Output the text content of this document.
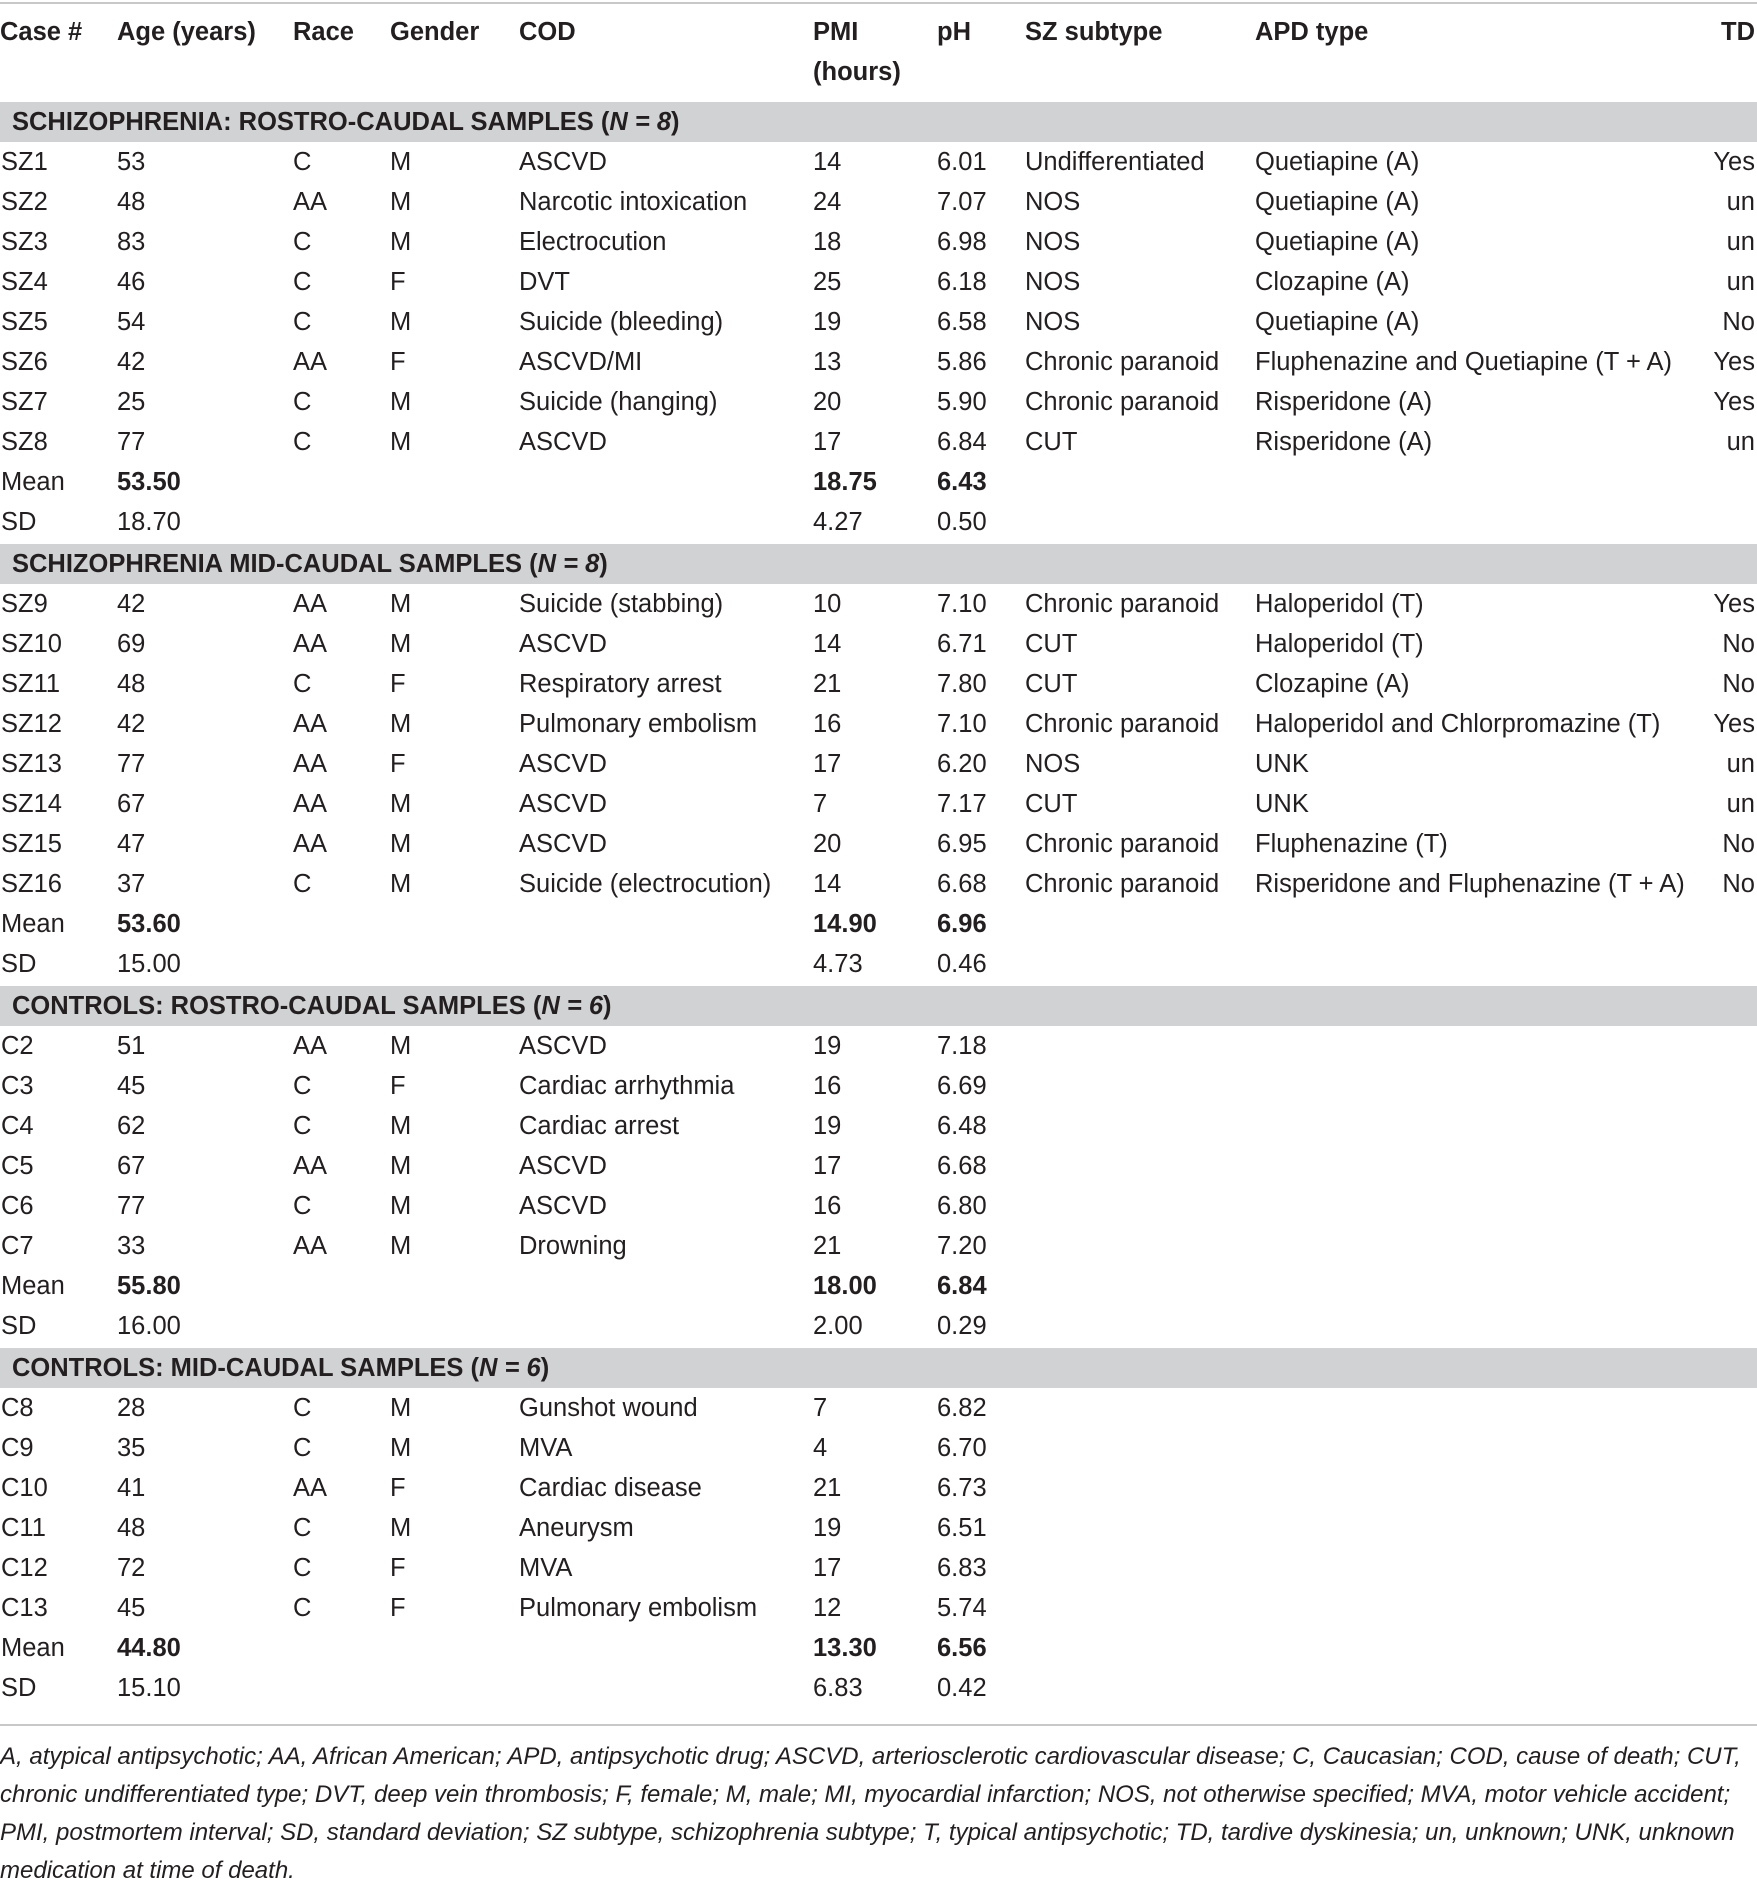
Case #	Age (years)	Race	Gender	COD	PMI (hours)	pH	SZ subtype	APD type	TD
SCHIZOPHRENIA: ROSTRO-CAUDAL SAMPLES (N = 8)									
SZ1	53	C	M	ASCVD	14	6.01	Undifferentiated	Quetiapine (A)	Yes
SZ2	48	AA	M	Narcotic intoxication	24	7.07	NOS	Quetiapine (A)	un
SZ3	83	C	M	Electrocution	18	6.98	NOS	Quetiapine (A)	un
SZ4	46	C	F	DVT	25	6.18	NOS	Clozapine (A)	un
SZ5	54	C	M	Suicide (bleeding)	19	6.58	NOS	Quetiapine (A)	No
SZ6	42	AA	F	ASCVD/MI	13	5.86	Chronic paranoid	Fluphenazine and Quetiapine (T + A)	Yes
SZ7	25	C	M	Suicide (hanging)	20	5.90	Chronic paranoid	Risperidone (A)	Yes
SZ8	77	C	M	ASCVD	17	6.84	CUT	Risperidone (A)	un
Mean	53.50				18.75	6.43			
SD	18.70				4.27	0.50			
SCHIZOPHRENIA MID-CAUDAL SAMPLES (N = 8)									
SZ9	42	AA	M	Suicide (stabbing)	10	7.10	Chronic paranoid	Haloperidol (T)	Yes
SZ10	69	AA	M	ASCVD	14	6.71	CUT	Haloperidol (T)	No
SZ11	48	C	F	Respiratory arrest	21	7.80	CUT	Clozapine (A)	No
SZ12	42	AA	M	Pulmonary embolism	16	7.10	Chronic paranoid	Haloperidol and Chlorpromazine (T)	Yes
SZ13	77	AA	F	ASCVD	17	6.20	NOS	UNK	un
SZ14	67	AA	M	ASCVD	7	7.17	CUT	UNK	un
SZ15	47	AA	M	ASCVD	20	6.95	Chronic paranoid	Fluphenazine (T)	No
SZ16	37	C	M	Suicide (electrocution)	14	6.68	Chronic paranoid	Risperidone and Fluphenazine (T + A)	No
Mean	53.60				14.90	6.96			
SD	15.00				4.73	0.46			
CONTROLS: ROSTRO-CAUDAL SAMPLES (N = 6)									
C2	51	AA	M	ASCVD	19	7.18			
C3	45	C	F	Cardiac arrhythmia	16	6.69			
C4	62	C	M	Cardiac arrest	19	6.48			
C5	67	AA	M	ASCVD	17	6.68			
C6	77	C	M	ASCVD	16	6.80			
C7	33	AA	M	Drowning	21	7.20			
Mean	55.80				18.00	6.84			
SD	16.00				2.00	0.29			
CONTROLS: MID-CAUDAL SAMPLES (N = 6)									
C8	28	C	M	Gunshot wound	7	6.82			
C9	35	C	M	MVA	4	6.70			
C10	41	AA	F	Cardiac disease	21	6.73			
C11	48	C	M	Aneurysm	19	6.51			
C12	72	C	F	MVA	17	6.83			
C13	45	C	F	Pulmonary embolism	12	5.74			
Mean	44.80				13.30	6.56			
SD	15.10				6.83	0.42			
A, atypical antipsychotic; AA, African American; APD, antipsychotic drug; ASCVD, arteriosclerotic cardiovascular disease; C, Caucasian; COD, cause of death; CUT, chronic undifferentiated type; DVT, deep vein thrombosis; F, female; M, male; MI, myocardial infarction; NOS, not otherwise specified; MVA, motor vehicle accident; PMI, postmortem interval; SD, standard deviation; SZ subtype, schizophrenia subtype; T, typical antipsychotic; TD, tardive dyskinesia; un, unknown; UNK, unknown medication at time of death.
